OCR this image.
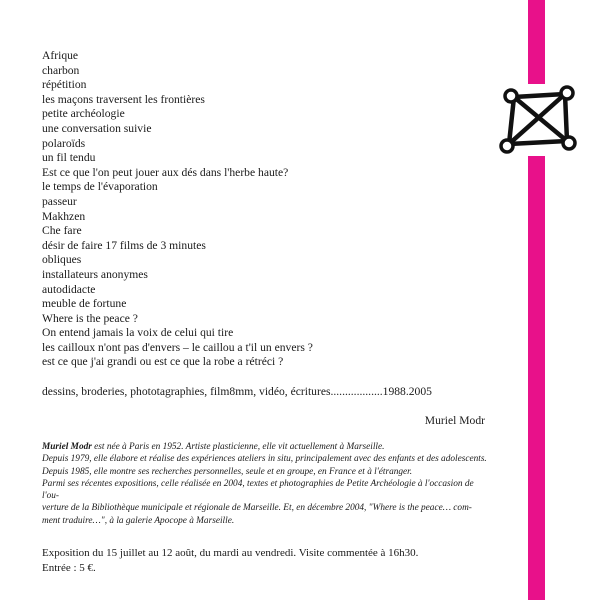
Afrique
charbon
répétition
les maçons traversent les frontières
petite archéologie
une conversation suivie
polaroïds
un fil tendu
Est ce que l'on peut jouer aux dés dans l'herbe haute?
le temps de l'évaporation
passeur
Makhzen
Che fare
désir de faire 17 films de 3 minutes
obliques
installateurs anonymes
autodidacte
meuble de fortune
Where is the peace ?
On entend jamais la voix de celui qui tire
les cailloux n'ont pas d'envers – le caillou a t'il un envers ?
est ce que j'ai grandi ou est ce que la robe a rétréci ?
dessins, broderies, phototagraphies, film8mm, vidéo, écritures..................1988.2005
Muriel Modr

Muriel Modr est née à Paris en 1952. Artiste plasticienne, elle vit actuellement à Marseille.

Depuis 1979, elle élabore et réalise des expériences ateliers in situ, principalement avec des enfants et des adolescents.

Depuis 1985, elle montre ses recherches personnelles, seule et en groupe, en France et à l'étranger.

Parmi ses récentes expositions, celle réalisée en 2004, textes et photographies de Petite Archéologie à l'occasion de l'ou-

verture de la Bibliothèque municipale et régionale de Marseille. Et, en décembre 2004, "Where is the peace… com-

ment traduire…", à la galerie Apocope à Marseille.

Exposition du 15 juillet au 12 août, du mardi au vendredi. Visite commentée à 16h30.

Entrée : 5 €.
